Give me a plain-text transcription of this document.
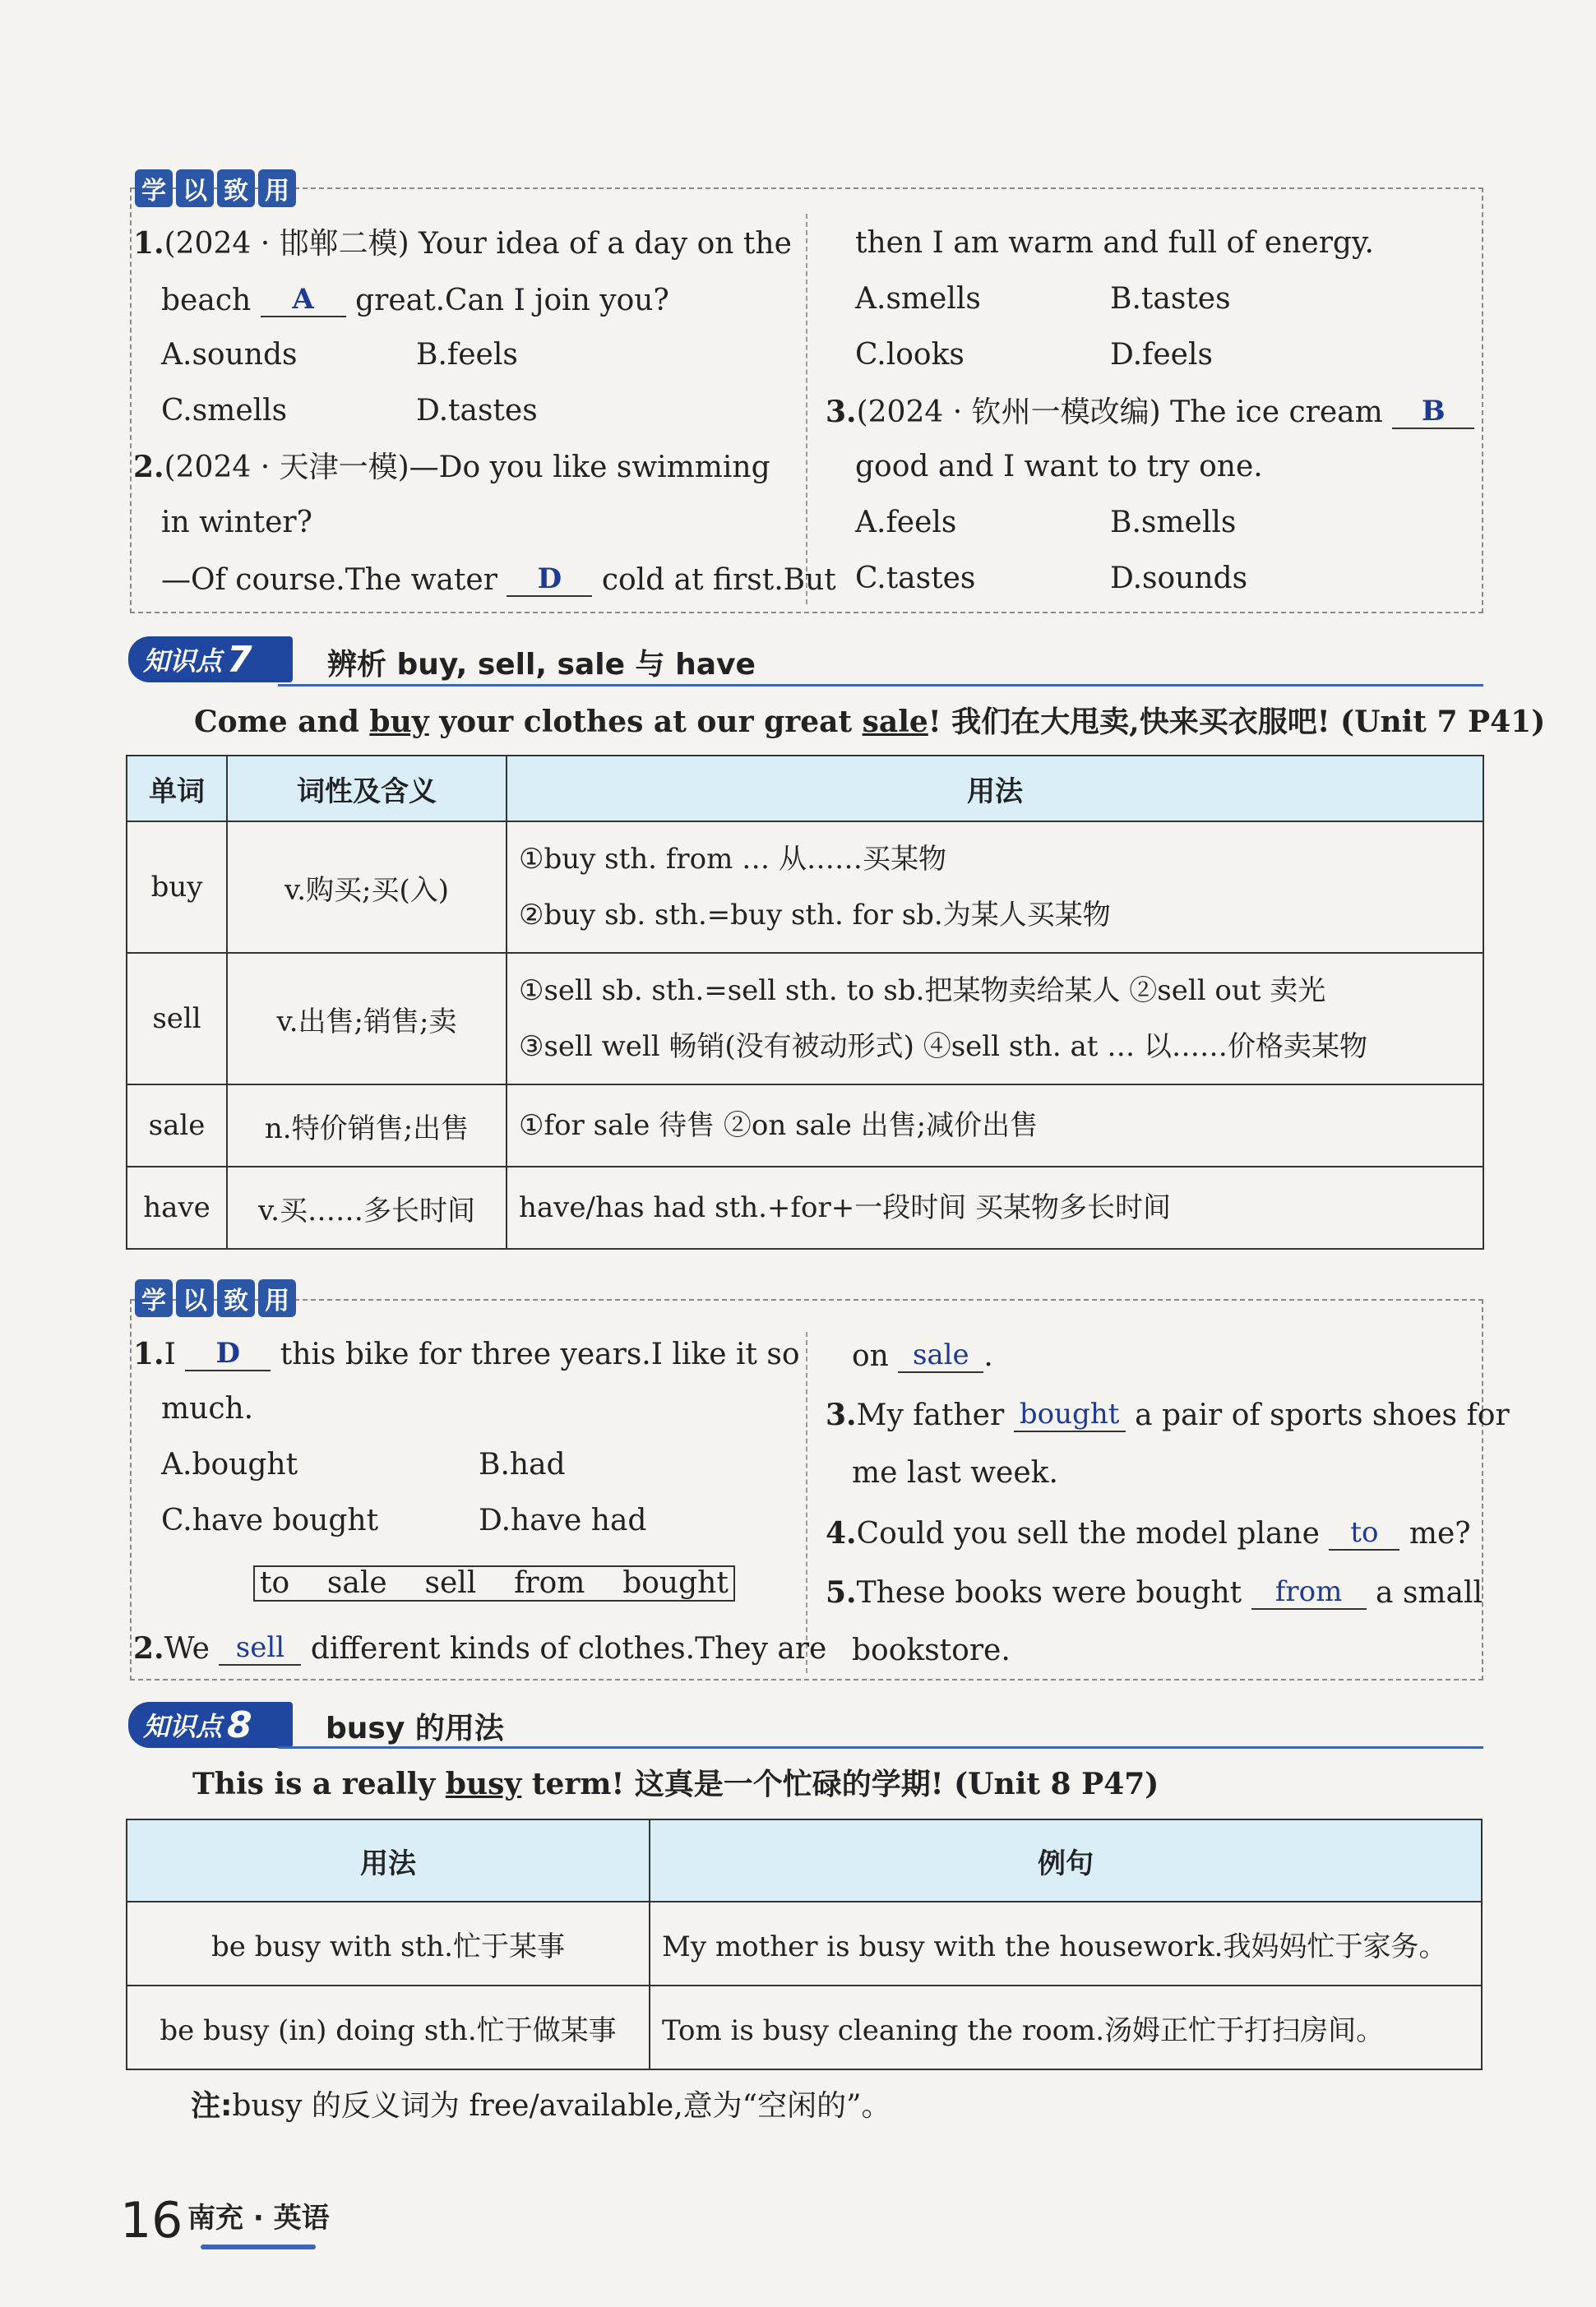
学 以 致 用
1.(2024 · 邯郸二模) Your idea of a day on the
beach A great.Can I join you?
A.sounds	B.feels
C.smells	D.tastes
2.(2024 · 天津一模)—Do you like swimming
in winter?
—Of course.The water D cold at first.But
then I am warm and full of energy.
A.smells	B.tastes
C.looks	D.feels
3.(2024 · 钦州一模改编) The ice cream B
good and I want to try one.
A.feels	B.smells
C.tastes	D.sounds
知识点 7	辨析 buy, sell, sale 与 have
Come and buy your clothes at our great sale! 我们在大甩卖,快来买衣服吧! (Unit 7 P41)
单词	词性及含义	用法
buy	v.购买;买(入)	①buy sth. from … 从……买某物
②buy sb. sth.=buy sth. for sb.为某人买某物

sell	v.出售;销售;卖	①sell sb. sth.=sell sth. to sb.把某物卖给某人 ②sell out 卖光
③sell well 畅销(没有被动形式) ④sell sth. at … 以……价格卖某物

sale	n.特价销售;出售	①for sale 待售 ②on sale 出售;减价出售

have	v.买……多长时间	have/has had sth.+for+一段时间 买某物多长时间
学 以 致 用
1.I D this bike for three years.I like it so
much.
A.bought	B.had
C.have bought	D.have had
to sale sell from bought
2.We sell different kinds of clothes.They are
on sale .
3.My father bought a pair of sports shoes for
me last week.
4.Could you sell the model plane to me?
5.These books were bought from a small
bookstore.
知识点 8 busy 的用法
This is a really busy term! 这真是一个忙碌的学期! (Unit 8 P47)
用法	例句
be busy with sth.忙于某事	My mother is busy with the housework.我妈妈忙于家务。
be busy (in) doing sth.忙于做某事	Tom is busy cleaning the room.汤姆正忙于打扫房间。
注:busy 的反义词为 free/available,意为“空闲的”。
16 南充 · 英语
